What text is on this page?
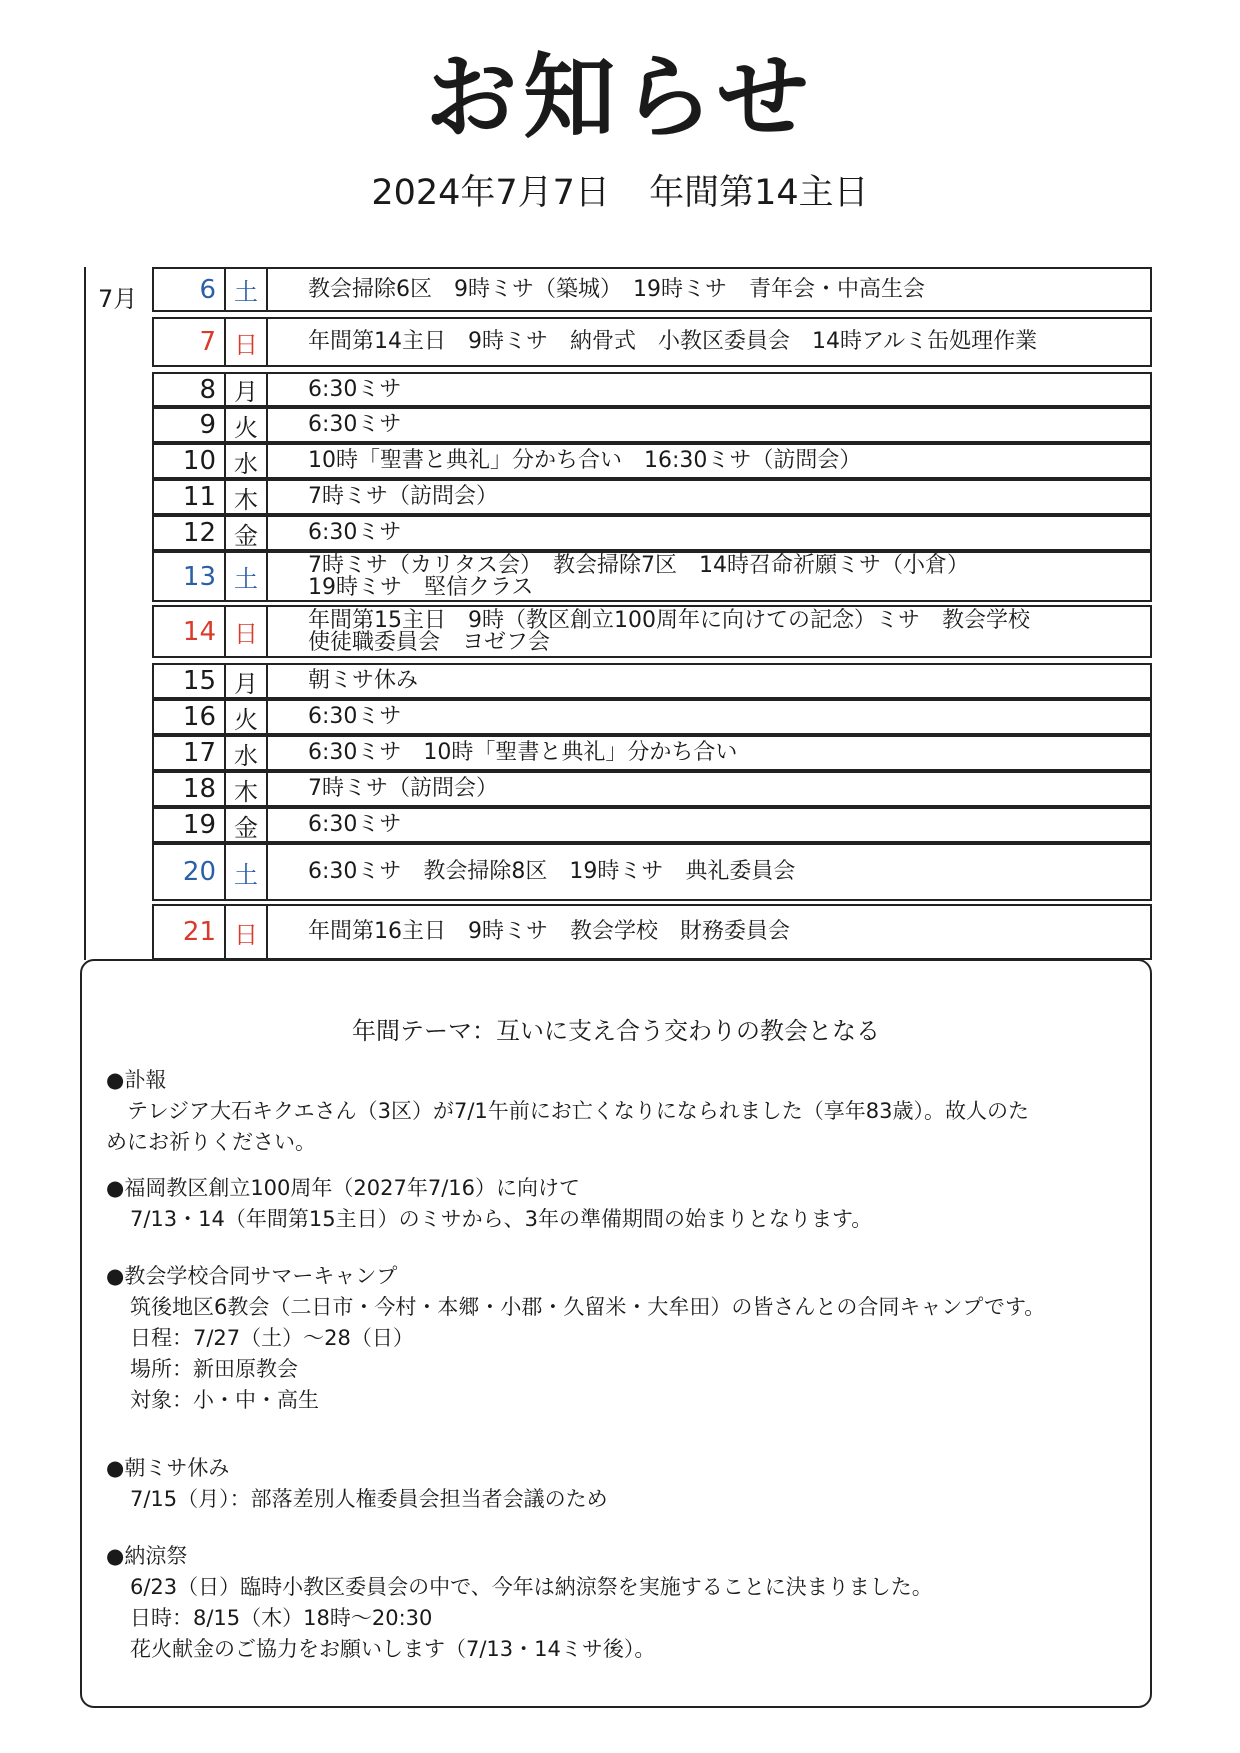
お知らせ
2024年7月7日 年間第14主日
7月	6 土	教会掃除6区　9時ミサ（築城）　19時ミサ　青年会・中高生会
7 日	年間第14主日　9時ミサ　納骨式　小教区委員会　14時アルミ缶処理作業
8 月	6:30ミサ
9 火	6:30ミサ
10 水	10時「聖書と典礼」分かち合い　16:30ミサ（訪問会）
11 木	7時ミサ（訪問会）
12 金	6:30ミサ
13 土	7時ミサ（カリタス会）　教会掃除7区　14時召命祈願ミサ（小倉）
19時ミサ　堅信クラス
14 日	年間第15主日　9時（教区創立100周年に向けての記念）ミサ　教会学校
使徒職委員会　ヨゼフ会
15 月	朝ミサ休み
16 火	6:30ミサ
17 水	6:30ミサ　10時「聖書と典礼」分かち合い
18 木	7時ミサ（訪問会）
19 金	6:30ミサ
20 土	6:30ミサ　教会掃除8区　19時ミサ　典礼委員会
21 日	年間第16主日　9時ミサ　教会学校　財務委員会
年間テーマ：互いに支え合う交わりの教会となる
●訃報
　テレジア大石キクエさん（3区）が7/1午前にお亡くなりになられました（享年83歳）。故人のた
めにお祈りください。
●福岡教区創立100周年（2027年7/16）に向けて
7/13・14（年間第15主日）のミサから、3年の準備期間の始まりとなります。
●教会学校合同サマーキャンプ
筑後地区6教会（二日市・今村・本郷・小郡・久留米・大牟田）の皆さんとの合同キャンプです。
日程：7/27（土）～28（日）
場所：新田原教会
対象：小・中・高生
●朝ミサ休み
7/15（月）：部落差別人権委員会担当者会議のため
●納涼祭
6/23（日）臨時小教区委員会の中で、今年は納涼祭を実施することに決まりました。
日時：8/15（木）18時～20:30
花火献金のご協力をお願いします（7/13・14ミサ後）。
